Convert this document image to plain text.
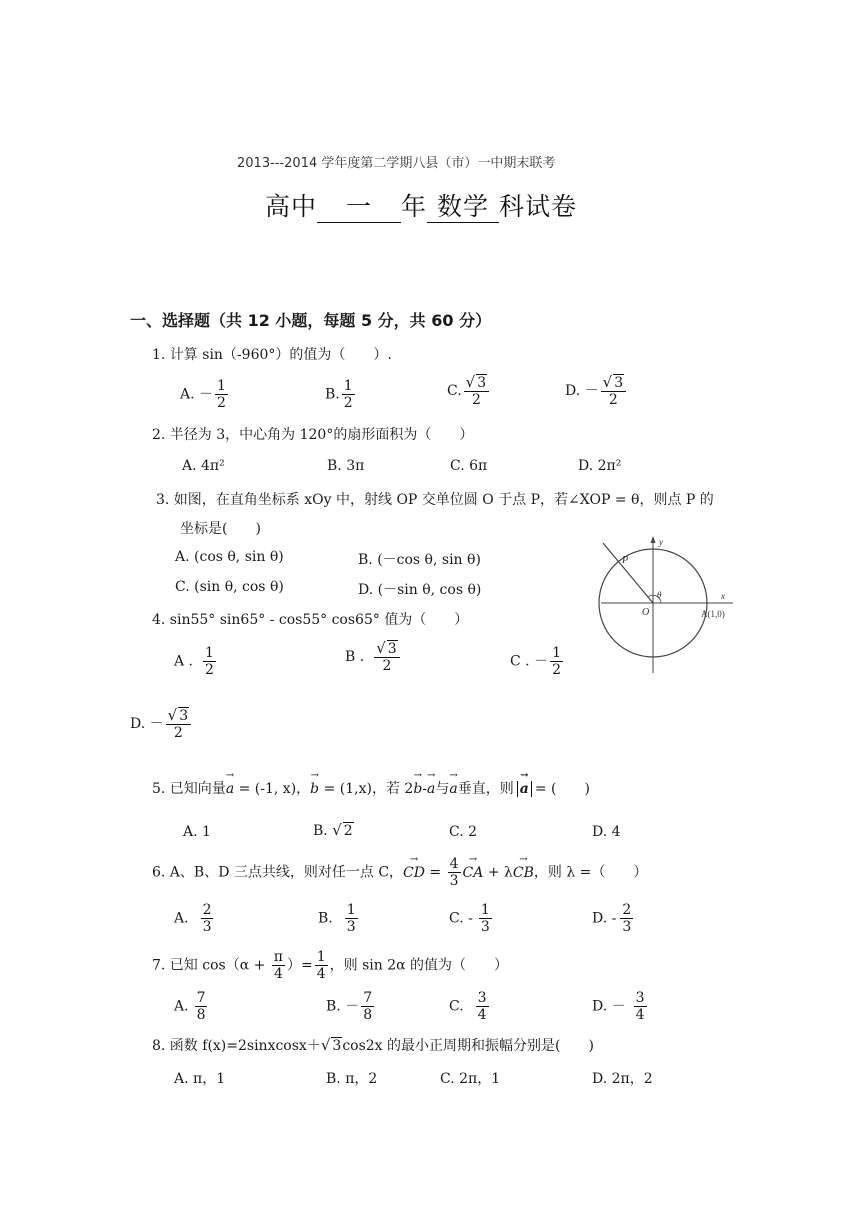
2013---2014 学年度第二学期八县（市）一中期末联考
高中 一 年 数学 科试卷
一、选择题（共 12 小题，每题 5 分，共 60 分）
1. 计算 sin（-960°）的值为（　　）.
A. － $\frac{1}{2}$	B. $\frac{1}{2}$	C. $\frac{√ 3}{2}$	D. － $\frac{√ 3}{2}$
2. 半径为 3，中心角为 120°的扇形面积为（　　）
A. 4π²	B. 3π	C. 6π	D. 2π²
3. 如图，在直角坐标系 xOy 中，射线 OP 交单位圆 O 于点 P，若∠XOP = θ，则点 P 的
坐标是(　　)
A. (cos θ, sin θ)	B. (－cos θ, sin θ)
C. (sin θ, cos θ)	D. (－sin θ, cos θ)
P
y
x
O
θ
A(1,0)
4. sin55° sin65° - cos55° cos65° 值为（　　）
A . $\frac{1}{2}$	B . $\frac{√ 3}{2}$	C . － $\frac{1}{2}$
D. － $\frac{√ 3}{2}$
5. 已知向量→ a = (-1, x)，→ b = (1,x)，若 2→ b-→ a与→ a垂直，则 → a = (　　)
A. 1	B. √ 2	C. 2	D. 4
6. A、B、D 三点共线，则对任一点 C，→ CD = $\frac{4}{3}$ → CA + λ→ CB，则 λ =（　　）
A. $\frac{2}{3}$	B. $\frac{1}{3}$	C. - $\frac{1}{3}$	D. - $\frac{2}{3}$
7. 已知 $\cos(\alpha + \frac{\pi}{4}$ ）= $\frac{1}{4}$ ，则 sin 2α 的值为（　　）
A. $\frac{7}{8}$	B. － $\frac{7}{8}$	C. $\frac{3}{4}$	D. － $\frac{3}{4}$
8. 函数 f(x)=2sinxcosx＋√ 3cos2x 的最小正周期和振幅分别是(　　)
A. π，1	B. π，2	C. 2π，1	D. 2π，2
